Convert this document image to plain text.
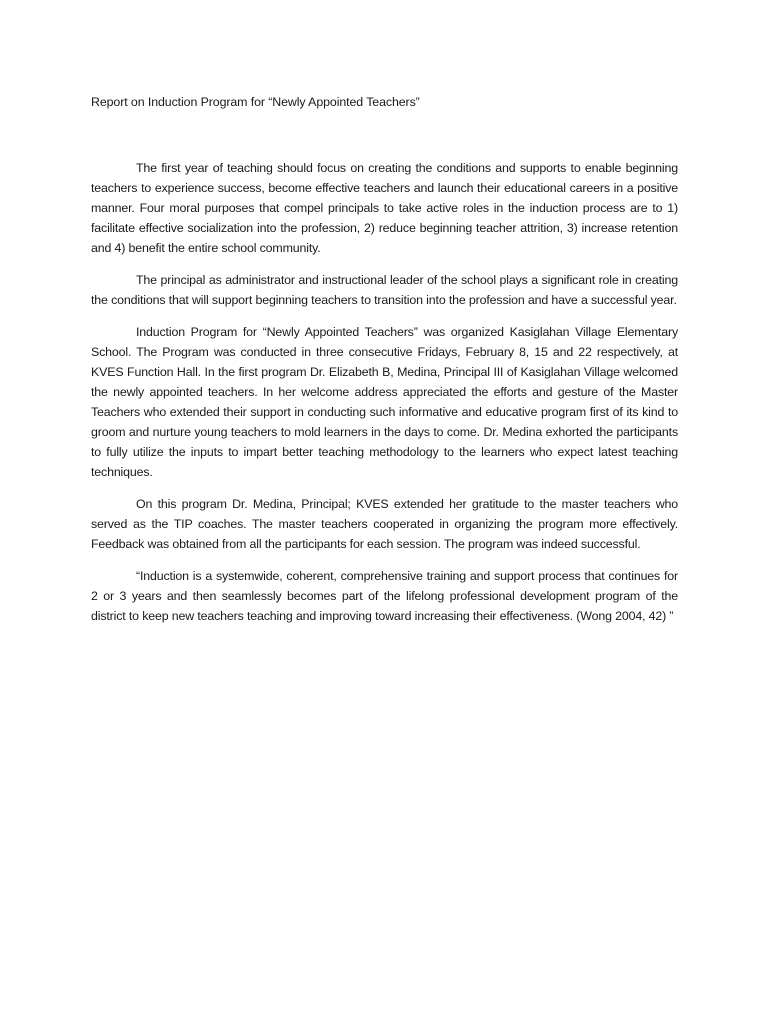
Report on Induction Program for “Newly Appointed Teachers”

The first year of teaching should focus on creating the conditions and supports to enable beginning teachers to experience success, become effective teachers and launch their educational careers in a positive manner. Four moral purposes that compel principals to take active roles in the induction process are to 1) facilitate effective socialization into the profession, 2) reduce beginning teacher attrition, 3) increase retention and 4) benefit the entire school community.

The principal as administrator and instructional leader of the school plays a significant role in creating the conditions that will support beginning teachers to transition into the profession and have a successful year.

Induction Program for “Newly Appointed Teachers” was organized Kasiglahan Village Elementary School. The Program was conducted in three consecutive Fridays, February 8, 15 and 22 respectively, at KVES Function Hall. In the first program Dr. Elizabeth B, Medina, Principal III of Kasiglahan Village welcomed the newly appointed teachers. In her welcome address appreciated the efforts and gesture of the Master Teachers who extended their support in conducting such informative and educative program first of its kind to groom and nurture young teachers to mold learners in the days to come. Dr. Medina exhorted the participants to fully utilize the inputs to impart better teaching methodology to the learners who expect latest teaching techniques.

On this program Dr. Medina, Principal; KVES extended her gratitude to the master teachers who served as the TIP coaches. The master teachers cooperated in organizing the program more effectively. Feedback was obtained from all the participants for each session. The program was indeed successful.

“Induction is a systemwide, coherent, comprehensive training and support process that continues for 2 or 3 years and then seamlessly becomes part of the lifelong professional development program of the district to keep new teachers teaching and improving toward increasing their effectiveness. (Wong 2004, 42) ”
